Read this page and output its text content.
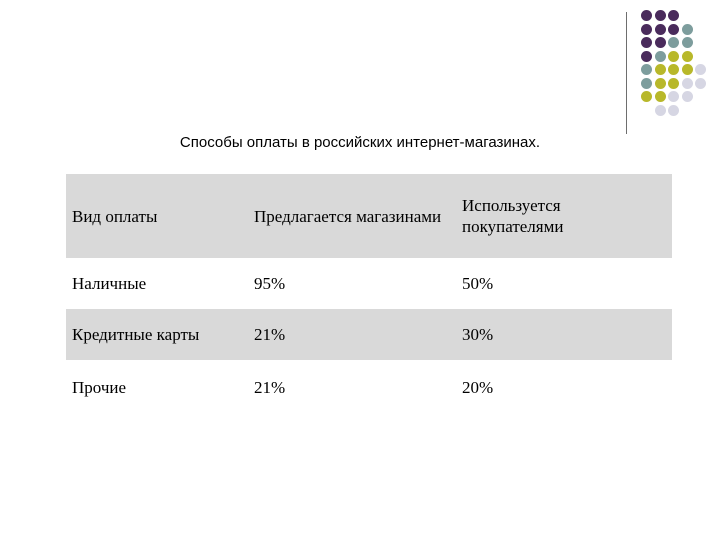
Способы оплаты в российских интернет-магазинах.
Вид оплаты	Предлагается магазинами	Используется покупателями
Наличные	95%	50%
Кредитные карты	21%	30%
Прочие	21%	20%
